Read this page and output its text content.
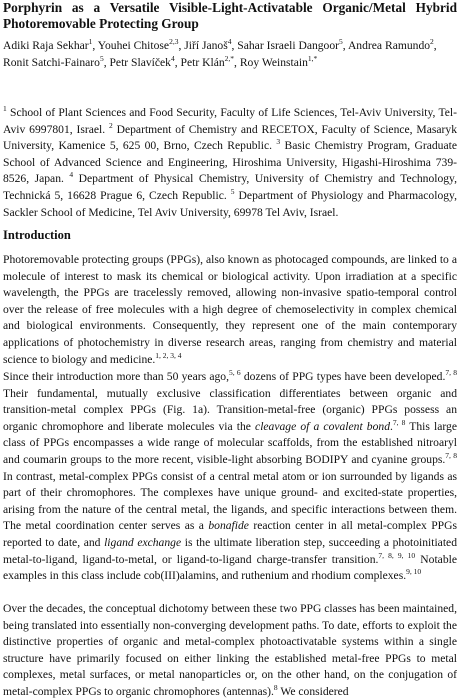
Porphyrin as a Versatile Visible-Light-Activatable Organic/Metal Hybrid Photoremovable Protecting Group

Adiki Raja Sekhar$^1$, Youhei Chitose$^{2,3}$, Jiří Janoš$^4$, Sahar Israeli Dangoor$^5$, Andrea Ramundo$^2$, Ronit Satchi-Fainaro$^5$, Petr Slavíček$^4$, Petr Klán$^{2,*}$, Roy Weinstain$^{1,*}$

$^1$ School of Plant Sciences and Food Security, Faculty of Life Sciences, Tel-Aviv University, Tel-Aviv 6997801, Israel. $^2$ Department of Chemistry and RECETOX, Faculty of Science, Masaryk University, Kamenice 5, 625 00, Brno, Czech Republic. $^3$ Basic Chemistry Program, Graduate School of Advanced Science and Engineering, Hiroshima University, Higashi-Hiroshima 739-8526, Japan. $^4$ Department of Physical Chemistry, University of Chemistry and Technology, Technická 5, 16628 Prague 6, Czech Republic. $^5$ Department of Physiology and Pharmacology, Sackler School of Medicine, Tel Aviv University, 69978 Tel Aviv, Israel.

Introduction

Photoremovable protecting groups (PPGs), also known as photocaged compounds, are linked to a molecule of interest to mask its chemical or biological activity. Upon irradiation at a specific wavelength, the PPGs are tracelessly removed, allowing non-invasive spatio-temporal control over the release of free molecules with a high degree of chemoselectivity in complex chemical and biological environments. Consequently, they represent one of the main contemporary applications of photochemistry in diverse research areas, ranging from chemistry and material science to biology and medicine.$^{1, 2, 3, 4}$

Since their introduction more than 50 years ago,$^{5, 6}$ dozens of PPG types have been developed.$^{7, 8}$ Their fundamental, mutually exclusive classification differentiates between organic and transition-metal complex PPGs (Fig. 1a). Transition-metal-free (organic) PPGs possess an organic chromophore and liberate molecules via the cleavage of a covalent bond.$^{7, 8}$ This large class of PPGs encompasses a wide range of molecular scaffolds, from the established nitroaryl and coumarin groups to the more recent, visible-light absorbing BODIPY and cyanine groups.$^{7, 8}$ In contrast, metal-complex PPGs consist of a central metal atom or ion surrounded by ligands as part of their chromophores. The complexes have unique ground- and excited-state properties, arising from the nature of the central metal, the ligands, and specific interactions between them. The metal coordination center serves as a bonafide reaction center in all metal-complex PPGs reported to date, and ligand exchange is the ultimate liberation step, succeeding a photoinitiated metal-to-ligand, ligand-to-metal, or ligand-to-ligand charge-transfer transition.$^{7, 8, 9, 10}$ Notable examples in this class include cob(III)alamins, and ruthenium and rhodium complexes.$^{9, 10}$

Over the decades, the conceptual dichotomy between these two PPG classes has been maintained, being translated into essentially non-converging development paths. To date, efforts to exploit the distinctive properties of organic and metal-complex photoactivatable systems within a single structure have primarily focused on either linking the established metal-free PPGs to metal complexes, metal surfaces, or metal nanoparticles or, on the other hand, on the conjugation of metal-complex PPGs to organic chromophores (antennas).$^8$ We considered
